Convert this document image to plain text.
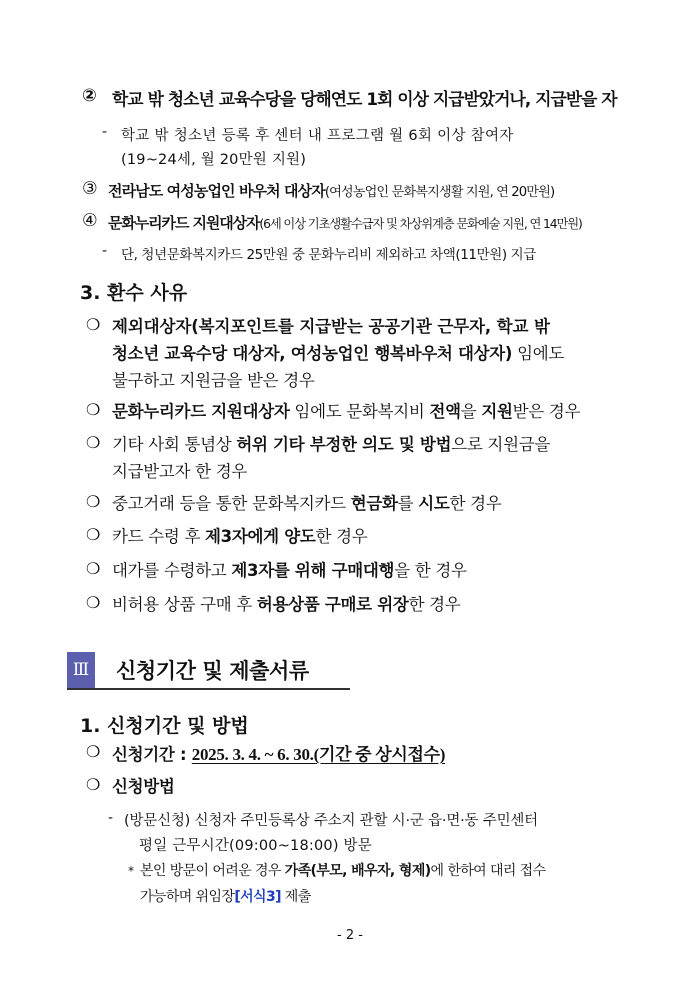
② 학교 밖 청소년 교육수당을 당해연도 1회 이상 지급받았거나, 지급받을 자
- 학교 밖 청소년 등록 후 센터 내 프로그램 월 6회 이상 참여자
(19~24세, 월 20만원 지원)
③ 전라남도 여성농업인 바우처 대상자(여성농업인 문화복지생활 지원, 연 20만원)
④ 문화누리카드 지원대상자(6세 이상 기초생활수급자 및 차상위계층 문화예술 지원, 연 14만원)
- 단, 청년문화복지카드 25만원 중 문화누리비 제외하고 차액(11만원) 지급
3. 환수 사유
❍ 제외대상자(복지포인트를 지급받는 공공기관 근무자, 학교 밖
청소년 교육수당 대상자, 여성농업인 행복바우처 대상자) 임에도
불구하고 지원금을 받은 경우
❍ 문화누리카드 지원대상자 임에도 문화복지비 전액을 지원받은 경우
❍ 기타 사회 통념상 허위 기타 부정한 의도 및 방법으로 지원금을
지급받고자 한 경우
❍ 중고거래 등을 통한 문화복지카드 현금화를 시도한 경우
❍ 카드 수령 후 제3자에게 양도한 경우
❍ 대가를 수령하고 제3자를 위해 구매대행을 한 경우
❍ 비허용 상품 구매 후 허용상품 구매로 위장한 경우
Ⅲ 신청기간 및 제출서류
1. 신청기간 및 방법
❍ 신청기간 : 2025. 3. 4. ~ 6. 30.(기간 중 상시접수)
❍ 신청방법
- (방문신청) 신청자 주민등록상 주소지 관할 시·군 읍·면·동 주민센터
평일 근무시간(09:00~18:00) 방문
* 본인 방문이 어려운 경우 가족(부모, 배우자, 형제)에 한하여 대리 접수
가능하며 위임장[서식3] 제출
- 2 -
